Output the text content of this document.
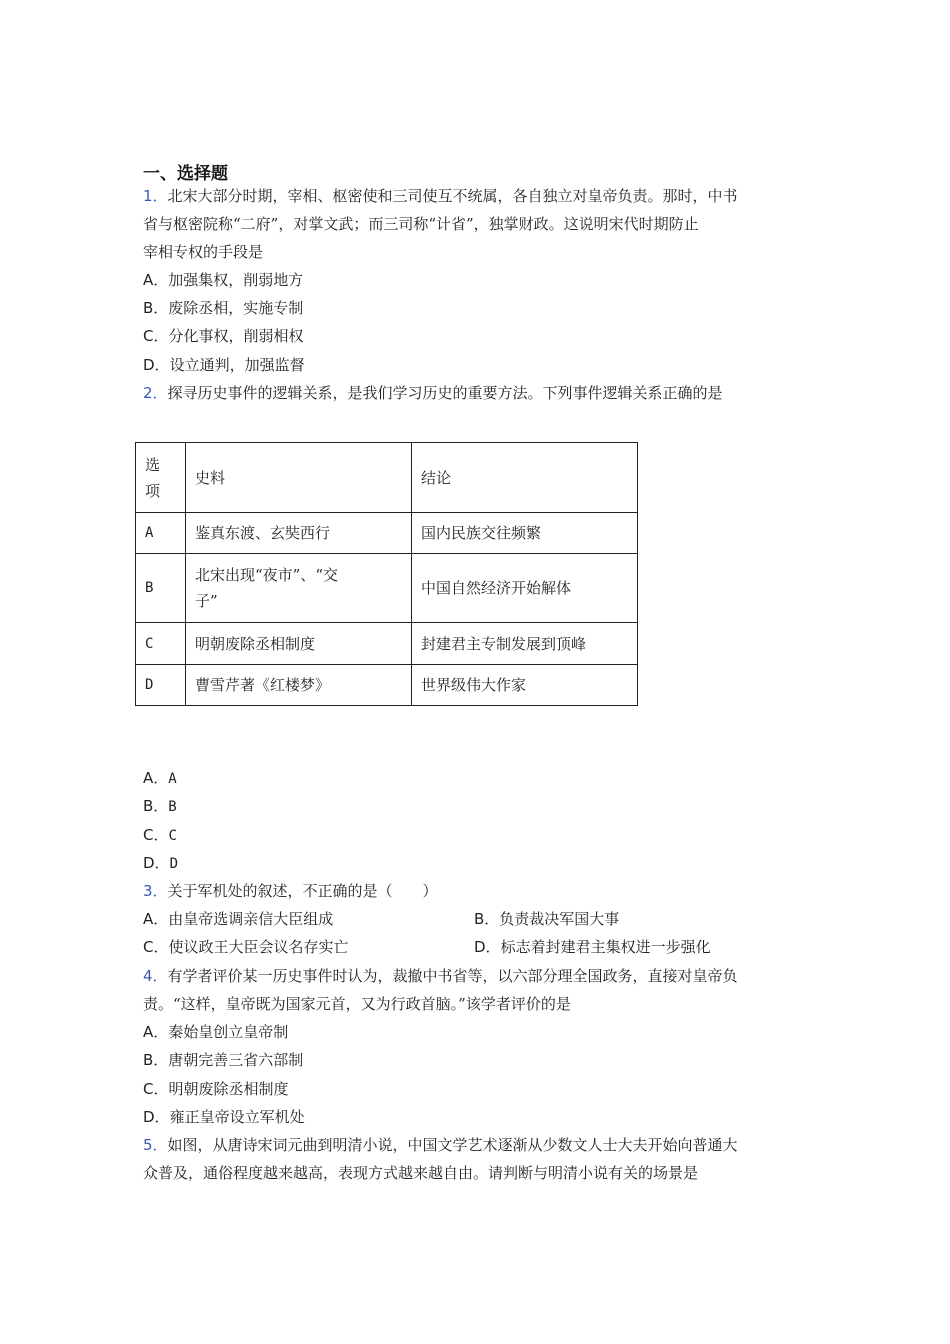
一、选择题
1．北宋大部分时期，宰相、枢密使和三司使互不统属，各自独立对皇帝负责。那时，中书
省与枢密院称“二府”，对掌文武；而三司称“计省”，独掌财政。这说明宋代时期防止
宰相专权的手段是
A．加强集权，削弱地方
B．废除丞相，实施专制
C．分化事权，削弱相权
D．设立通判，加强监督
2．探寻历史事件的逻辑关系，是我们学习历史的重要方法。下列事件逻辑关系正确的是
选
项	史料	结论
A	鉴真东渡、玄奘西行	国内民族交往频繁
B	北宋出现“夜市”、“交
子”	中国自然经济开始解体
C	明朝废除丞相制度	封建君主专制发展到顶峰
D	曹雪芹著《红楼梦》	世界级伟大作家
A．A
B．B
C．C
D．D
3．关于军机处的叙述，不正确的是（　　）
A．由皇帝选调亲信大臣组成	B．负责裁决军国大事
C．使议政王大臣会议名存实亡	D．标志着封建君主集权进一步强化
4．有学者评价某一历史事件时认为，裁撤中书省等，以六部分理全国政务，直接对皇帝负
责。“这样，皇帝既为国家元首，又为行政首脑。”该学者评价的是
A．秦始皇创立皇帝制
B．唐朝完善三省六部制
C．明朝废除丞相制度
D．雍正皇帝设立军机处
5．如图，从唐诗宋词元曲到明清小说，中国文学艺术逐渐从少数文人士大夫开始向普通大
众普及，通俗程度越来越高，表现方式越来越自由。请判断与明清小说有关的场景是
